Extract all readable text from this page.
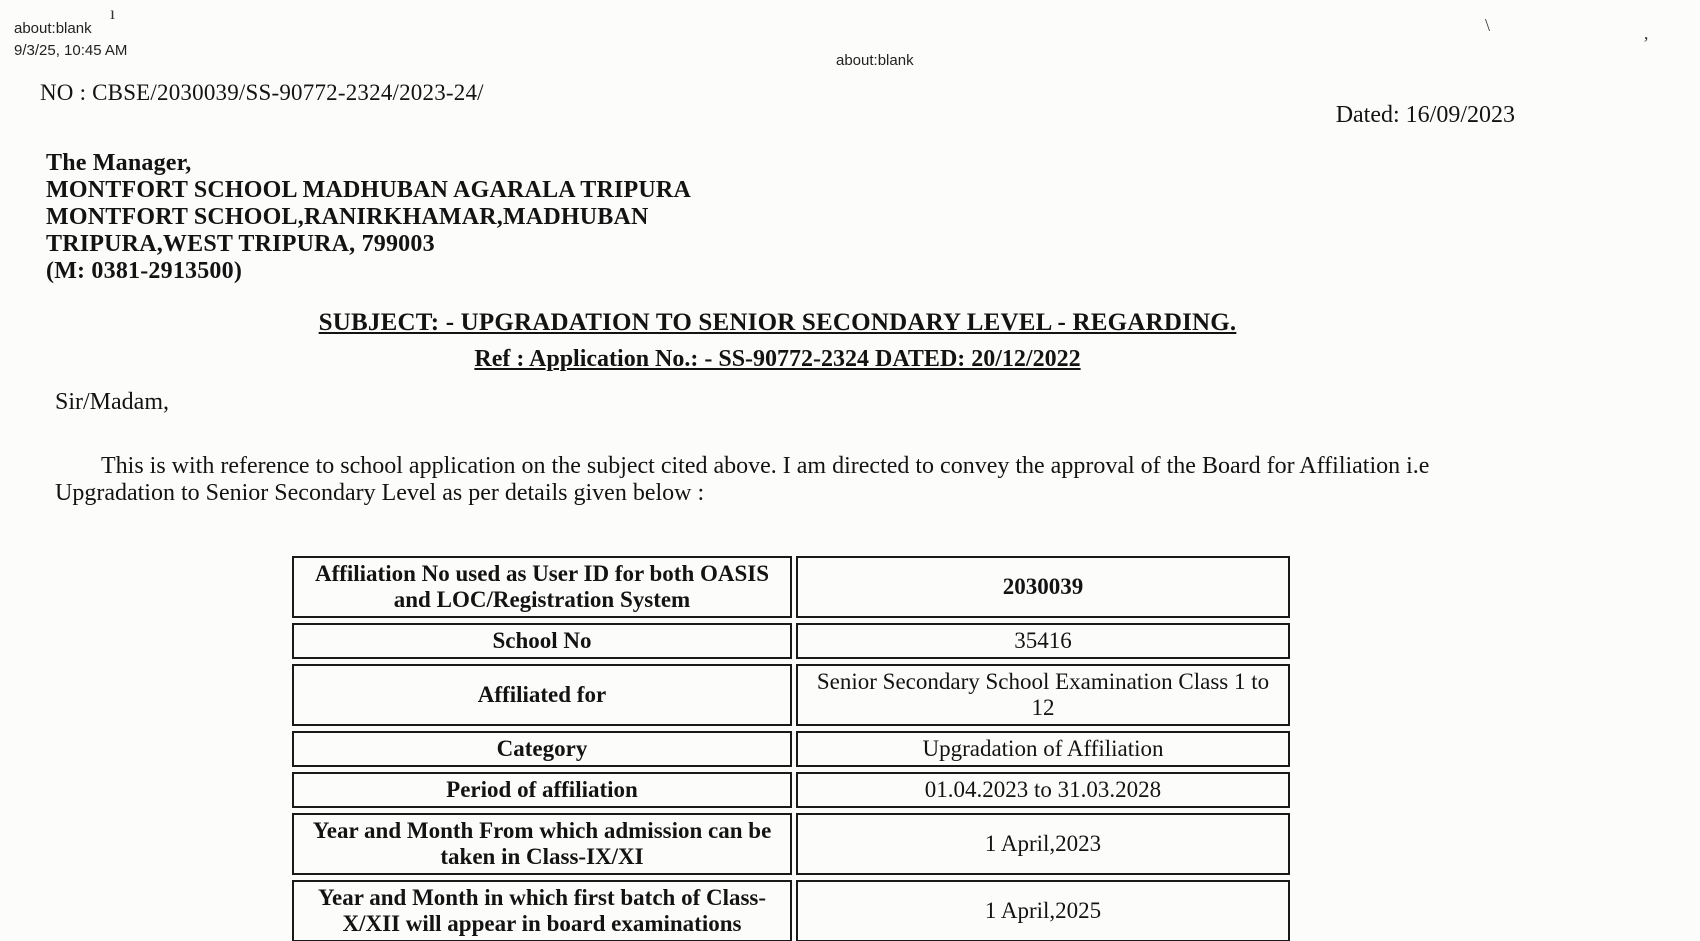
about:blank
9/3/25, 10:45 AM
about:blank
ı
\
’
NO : CBSE/2030039/SS-90772-2324/2023-24/
Dated: 16/09/2023
The Manager,
MONTFORT SCHOOL MADHUBAN AGARALA TRIPURA
MONTFORT SCHOOL,RANIRKHAMAR,MADHUBAN
TRIPURA,WEST TRIPURA, 799003
(M: 0381-2913500)
SUBJECT: - UPGRADATION TO SENIOR SECONDARY LEVEL - REGARDING.
Ref : Application No.: - SS-90772-2324 DATED: 20/12/2022
Sir/Madam,
This is with reference to school application on the subject cited above. I am directed to convey the approval of the Board for Affiliation i.e Upgradation to Senior Secondary Level as per details given below :
Affiliation No used as User ID for both OASIS and LOC/Registration System	2030039
School No	35416
Affiliated for	Senior Secondary School Examination Class 1 to 12
Category	Upgradation of Affiliation
Period of affiliation	01.04.2023 to 31.03.2028
Year and Month From which admission can be taken in Class-IX/XI	1 April,2023
Year and Month in which first batch of Class-X/XII will appear in board examinations	1 April,2025
